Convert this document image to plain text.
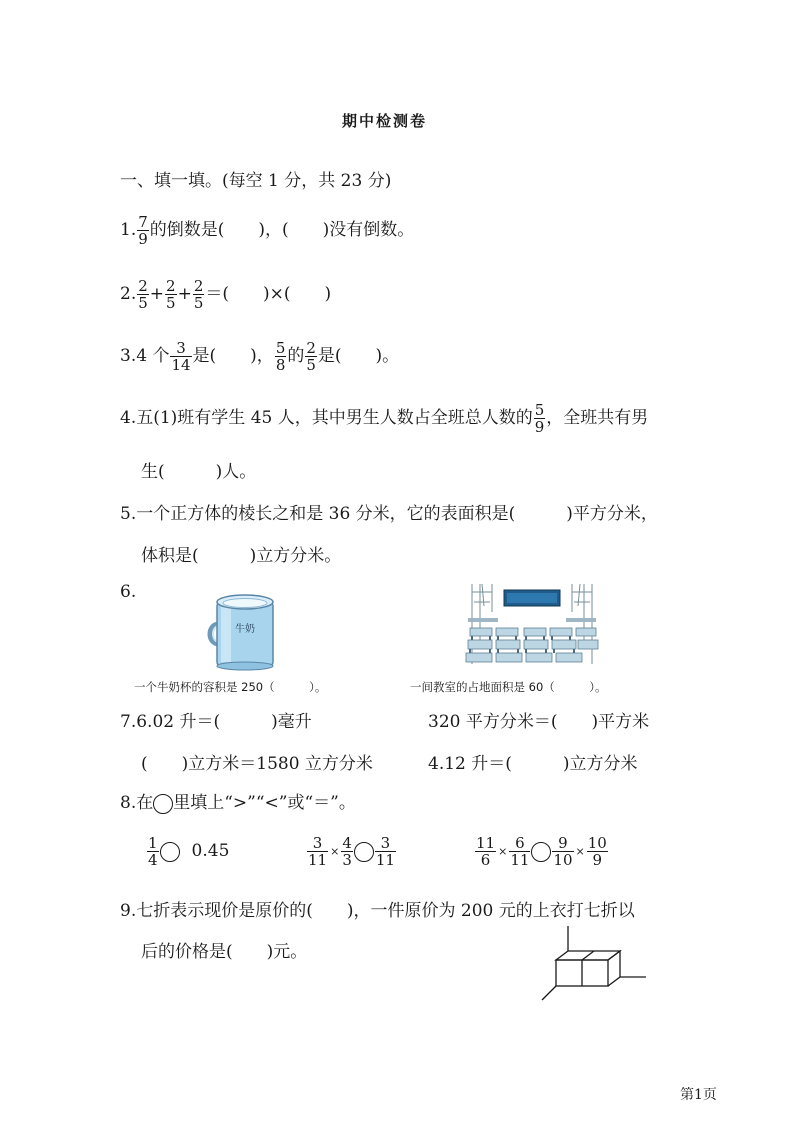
期中检测卷
一、填一填。(每空 1 分，共 23 分)
1. $\frac{7}{9}$ 的倒数是(　　)，(　　)没有倒数。
2. $\frac{2}{5} + \frac{2}{5} + \frac{2}{5}$ ＝(　　)×(　　)
3.4 个 $\frac{3}{14}$ 是(　　)， $\frac{5}{8}$ 的 $\frac{2}{5}$ 是(　　)。
4.五(1)班有学生 45 人，其中男生人数占全班总人数的 $\frac{5}{9}$ ，全班共有男
生(　　　)人。
5.一个正方体的棱长之和是 36 分米，它的表面积是(　　　)平方分米，
体积是(　　　)立方分米。
6.
牛奶
一个牛奶杯的容积是 250（　　　）。	一间教室的占地面积是 60（　　　）。
7.6.02 升＝(　　　)毫升	320 平方分米＝(　　)平方米
(　　)立方米＝1580 立方分米	4.12 升＝(　　　)立方分米
8.在 里填上“>”“<”或“＝”。
$\frac{1}{4} 0.45$	$\frac{3}{11} \times \frac{4}{3} \frac{3}{11}$	$\frac{11}{6} \times \frac{6}{11} \frac{9}{10} \times \frac{10}{9}$
9.七折表示现价是原价的(　　)，一件原价为 200 元的上衣打七折以
后的价格是(　　)元。
第1页
